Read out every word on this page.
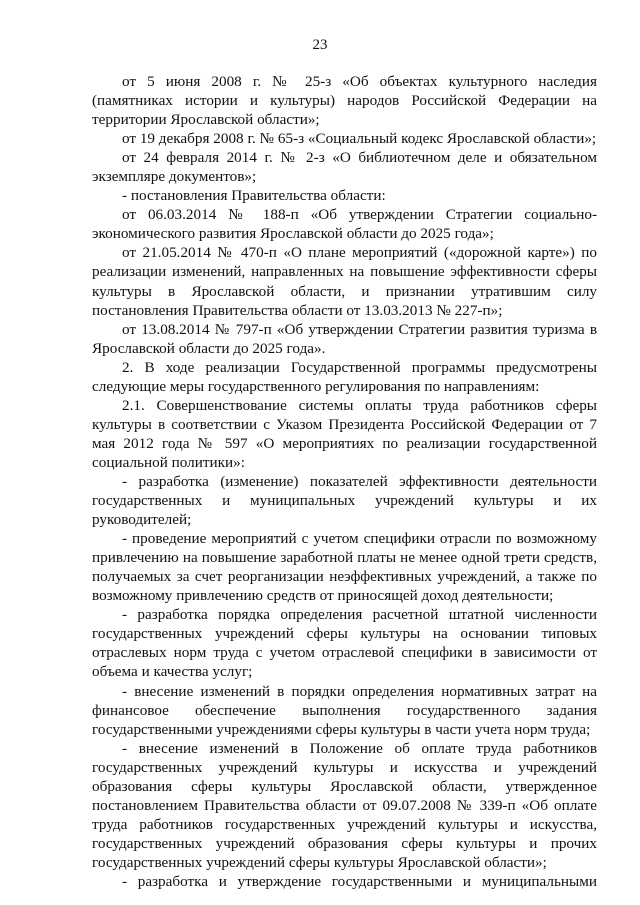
23

от 5 июня 2008 г. № 25-з «Об объектах культурного наследия (памятниках истории и культуры) народов Российской Федерации на территории Ярославской области»;

от 19 декабря 2008 г. № 65-з «Социальный кодекс Ярославской области»;

от 24 февраля 2014 г. № 2-з «О библиотечном деле и обязательном экземпляре документов»;

- постановления Правительства области:

от 06.03.2014 № 188-п «Об утверждении Стратегии социально-экономического развития Ярославской области до 2025 года»;

от 21.05.2014 № 470-п «О плане мероприятий («дорожной карте») по реализации изменений, направленных на повышение эффективности сферы культуры в Ярославской области, и признании утратившим силу постановления Правительства области от 13.03.2013 № 227-п»;

от 13.08.2014 № 797-п «Об утверждении Стратегии развития туризма в Ярославской области до 2025 года».

2. В ходе реализации Государственной программы предусмотрены следующие меры государственного регулирования по направлениям:

2.1. Совершенствование системы оплаты труда работников сферы культуры в соответствии с Указом Президента Российской Федерации от 7 мая 2012 года № 597 «О мероприятиях по реализации государственной социальной политики»:

- разработка (изменение) показателей эффективности деятельности государственных и муниципальных учреждений культуры и их руководителей;

- проведение мероприятий с учетом специфики отрасли по возможному привлечению на повышение заработной платы не менее одной трети средств, получаемых за счет реорганизации неэффективных учреждений, а также по возможному привлечению средств от приносящей доход деятельности;

- разработка порядка определения расчетной штатной численности государственных учреждений сферы культуры на основании типовых отраслевых норм труда с учетом отраслевой специфики в зависимости от объема и качества услуг;

- внесение изменений в порядки определения нормативных затрат на финансовое обеспечение выполнения государственного задания государственными учреждениями сферы культуры в части учета норм труда;

- внесение изменений в Положение об оплате труда работников государственных учреждений культуры и искусства и учреждений образования сферы культуры Ярославской области, утвержденное постановлением Правительства области от 09.07.2008 № 339-п «Об оплате труда работников государственных учреждений культуры и искусства, государственных учреждений образования сферы культуры и прочих государственных учреждений сферы культуры Ярославской области»;

- разработка и утверждение государственными и муниципальными
